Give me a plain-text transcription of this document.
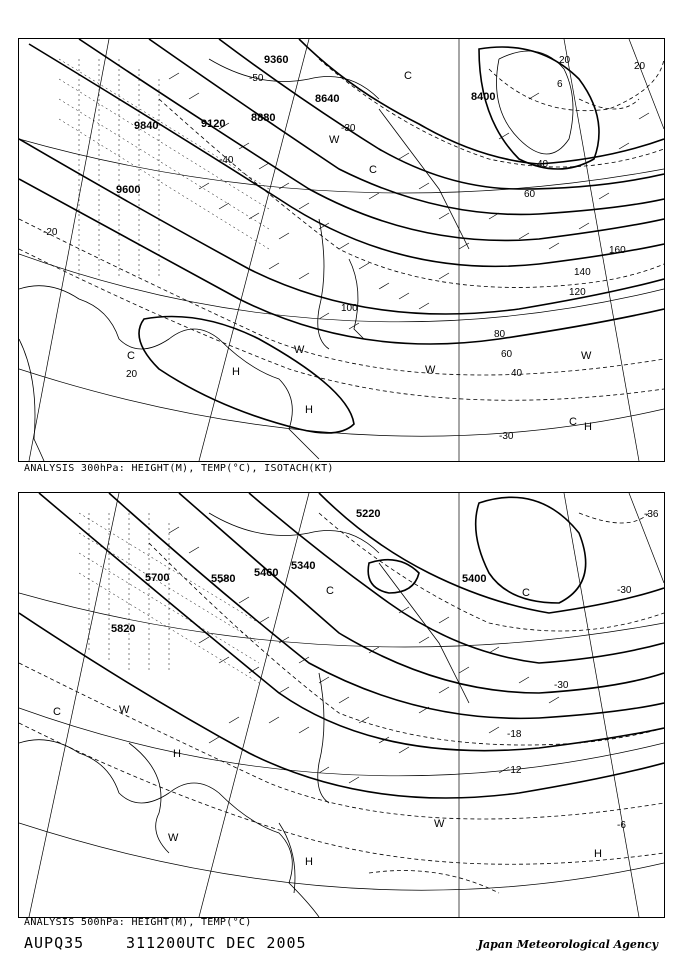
9360
9120 8880
8640	8400
9600
9840
20
40
60
80
100
120
140
160
60
40
20
-20
-30
-40
-50
6
20
-30
C
C
C
W
W
W
H
H
C H
W
ANALYSIS 300hPa: HEIGHT(M), TEMP(°C), ISOTACH(KT)
5220
5340
5400
5460
5580
5700
5820
-36
-30
-18
-12
-6
-30
C	C
C	W
W
H
H
H
W
ANALYSIS 500hPa: HEIGHT(M), TEMP(°C)
AUPQ35	311200UTC DEC 2005	Japan Meteorological Agency
